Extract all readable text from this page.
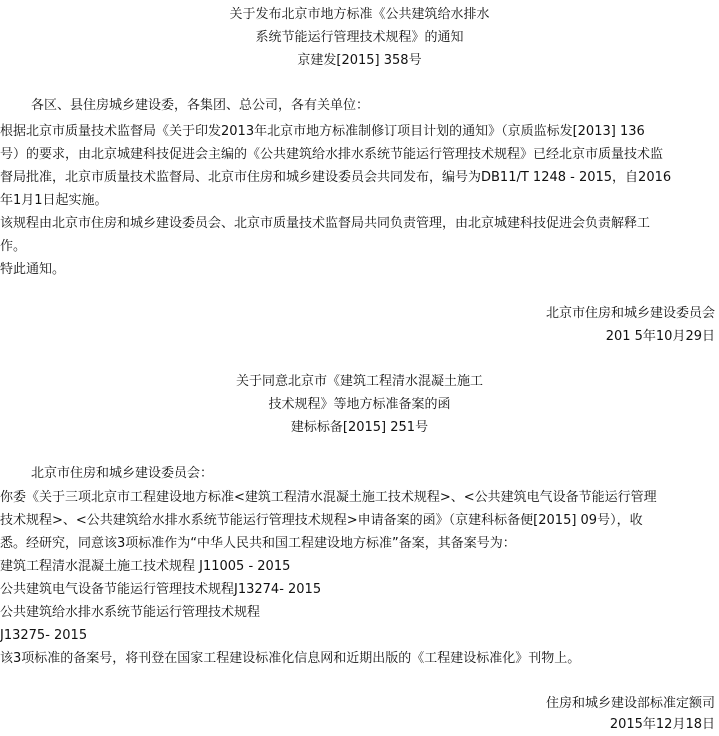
关于发布北京市地方标准《公共建筑给水排水
系统节能运行管理技术规程》的通知
京建发[2015] 358号
各区、县住房城乡建设委，各集团、总公司，各有关单位：
根据北京市质量技术监督局《关于印发2013年北京市地方标准制修订项目计划的通知》（京质监标发[2013] 136
号）的要求，由北京城建科技促进会主编的《公共建筑给水排水系统节能运行管理技术规程》已经北京市质量技术监
督局批准，北京市质量技术监督局、北京市住房和城乡建设委员会共同发布，编号为DB11/T 1248 - 2015，自2016
年1月1日起实施。
该规程由北京市住房和城乡建设委员会、北京市质量技术监督局共同负责管理，由北京城建科技促进会负责解释工
作。
特此通知。
北京市住房和城乡建设委员会
201 5年10月29日
关于同意北京市《建筑工程清水混凝土施工
技术规程》等地方标准备案的函
建标标备[2015] 251号
北京市住房和城乡建设委员会：
你委《关于三项北京市工程建设地方标准<建筑工程清水混凝土施工技术规程>、<公共建筑电气设备节能运行管理
技术规程>、<公共建筑给水排水系统节能运行管理技术规程>申请备案的函》（京建科标备便[2015] 09号），收
悉。经研究，同意该3项标准作为“中华人民共和国工程建设地方标准”备案，其备案号为：
建筑工程清水混凝土施工技术规程 J11005 - 2015
公共建筑电气设备节能运行管理技术规程J13274- 2015
公共建筑给水排水系统节能运行管理技术规程
J13275- 2015
该3项标准的备案号，将刊登在国家工程建设标准化信息网和近期出版的《工程建设标准化》刊物上。
住房和城乡建设部标准定额司
2015年12月18日
